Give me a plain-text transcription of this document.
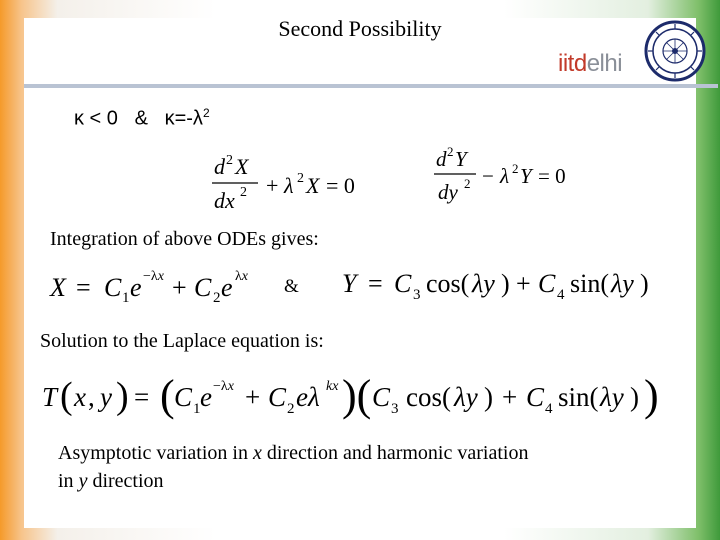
Second Possibility
iitdelhi
κ < 0   &   $\kappa=-\lambda^2$
d 2 X
dx 2 + λ 2 X = 0
d 2 Y
dy 2 − λ 2 Y = 0
Integration of above ODEs gives:
X = C 1 e −λx + C 2 e λx & Y = C 3 cos( λy ) + C 4 sin( λy )
Solution to the Laplace equation is:
T ( x , y ) = ( C 1 e −λx + C 2 eλ kx )( C 3 cos( λy ) + C 4 sin( λy ) )
Asymptotic variation in x direction and harmonic variation
in y direction
